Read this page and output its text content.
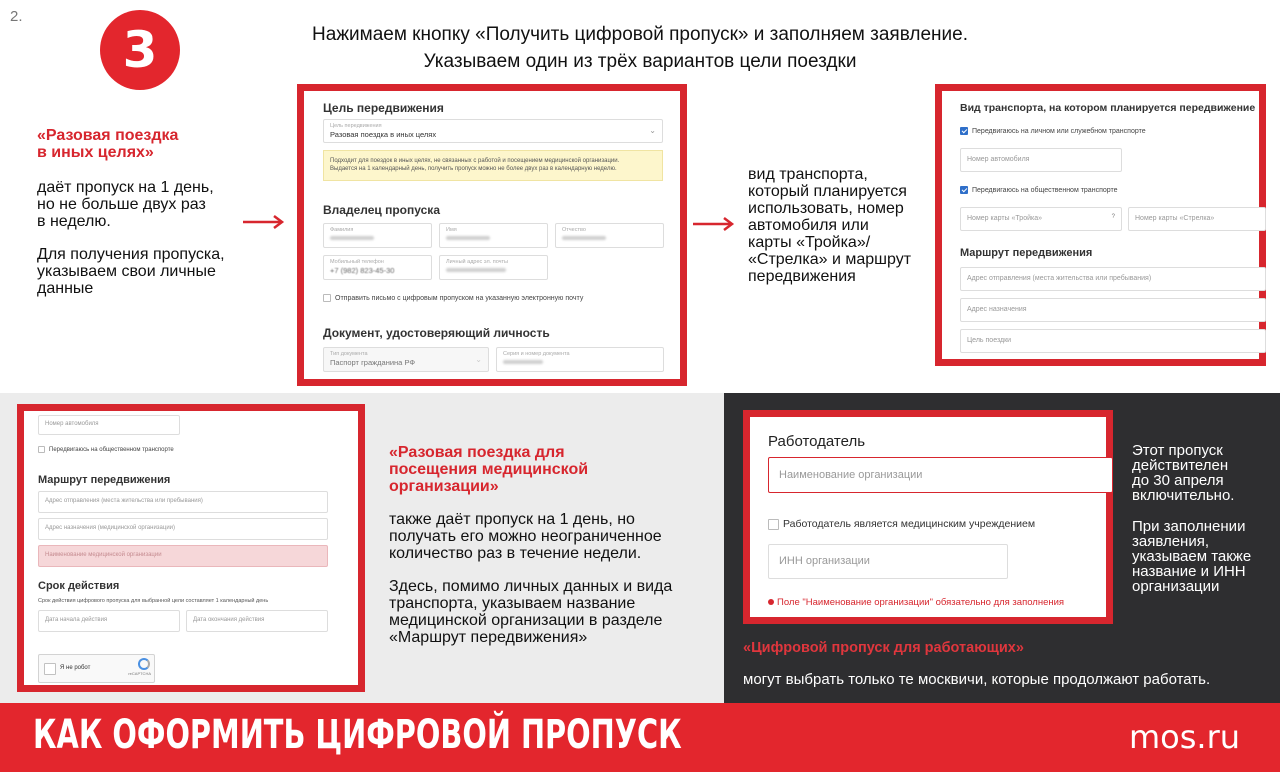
2.
3	Нажимаем кнопку «Получить цифровой пропуск» и заполняем заявление.
Указываем один из трёх вариантов цели поездки
«Разовая поездка
в иных целях»
даёт пропуск на 1 день,
но не больше двух раз
в неделю.
Для получения пропуска,
указываем свои личные
данные
Цель передвижения
Цель передвижения
Разовая поездка в иных целях	⌄
Подходит для поездок в иных целях, не связанных с работой и посещением медицинской организации.
Выдается на 1 календарный день, получить пропуск можно не более двух раз в календарную неделю.
Владелец пропуска
Фамилия	Имя	Отчество
Мобильный телефон
+7 (982) 823-45-30
Личный адрес эл. почты
Отправить письмо с цифровым пропуском на указанную электронную почту
Документ, удостоверяющий личность
Тип документа
Паспорт гражданина РФ	⌄
Серия и номер документа
вид транспорта,
который планируется
использовать, номер
автомобиля или
карты «Тройка»/
«Стрелка» и маршрут
передвижения
Вид транспорта, на котором планируется передвижение
Передвигаюсь на личном или служебном транспорте
Номер автомобиля
Передвигаюсь на общественном транспорте
Номер карты «Тройка»	?	Номер карты «Стрелка»
Маршрут передвижения
Адрес отправления (места жительства или пребывания)
Адрес назначения
Цель поездки
Номер автомобиля
Передвигаюсь на общественном транспорте
Маршрут передвижения
Адрес отправления (места жительства или пребывания)
Адрес назначения (медицинской организации)
Наименование медицинской организации
Срок действия
Срок действия цифрового пропуска для выбранной цели составляет 1 календарный день
Дата начала действия	Дата окончания действия
Я не робот
reCAPTCHA
«Разовая поездка для
посещения медицинской
организации»
также даёт пропуск на 1 день, но
получать его можно неограниченное
количество раз в течение недели.
Здесь, помимо личных данных и вида
транспорта, указываем название
медицинской организации в разделе
«Маршрут передвижения»
Работодатель
Наименование организации
Работодатель является медицинским учреждением
ИНН организации
Поле "Наименование организации" обязательно для заполнения
Этот пропуск
действителен
до 30 апреля
включительно.
При заполнении
заявления,
указываем также
название и ИНН
организации
«Цифровой пропуск для работающих»
могут выбрать только те москвичи, которые продолжают работать.
КАК ОФОРМИТЬ ЦИФРОВОЙ ПРОПУСК	mos.ru
